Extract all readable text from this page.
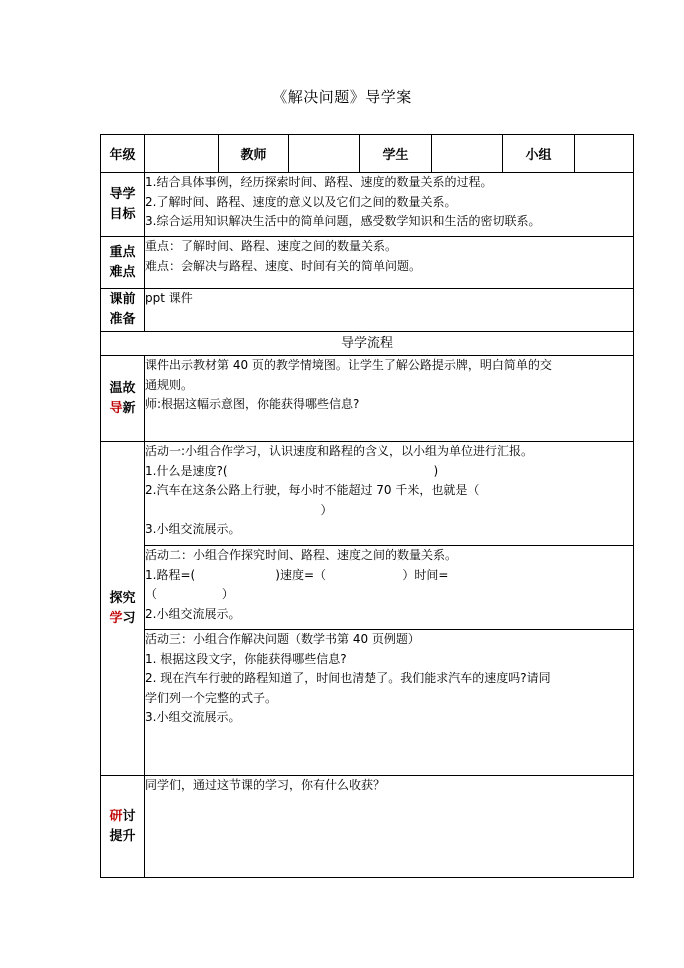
《解决问题》导学案
年级		教师		学生		小组	

导学
目标	1.结合具体事例，经历探索时间、路程、速度的数量关系的过程。
2.了解时间、路程、速度的意义以及它们之间的数量关系。
3.综合运用知识解决生活中的简单问题，感受数学知识和生活的密切联系。						

重点
难点	重点：了解时间、路程、速度之间的数量关系。
难点：会解决与路程、速度、时间有关的简单问题。						

课前
准备	ppt 课件						

导学流程							

温故
导新	课件出示教材第 40 页的教学情境图。让学生了解公路提示牌，明白简单的交
通规则。
师:根据这幅示意图，你能获得哪些信息?						

探究
学习	活动一:小组合作学习，认识速度和路程的含义，以小组为单位进行汇报。
1.什么是速度?(                                                      )
2.汽车在这条公路上行驶，每小时不能超过 70 千米，也就是（
）
3.小组交流展示。						

	活动二：小组合作探究时间、路程、速度之间的数量关系。
1.路程=(                     )速度=（                    ）时间=
（                 ）
2.小组交流展示。						

	活动三：小组合作解决问题（数学书第 40 页例题）
1. 根据这段文字，你能获得哪些信息?
2. 现在汽车行驶的路程知道了，时间也清楚了。我们能求汽车的速度吗?请同
学们列一个完整的式子。
3.小组交流展示。						

研讨
提升	同学们，通过这节课的学习，你有什么收获？						
